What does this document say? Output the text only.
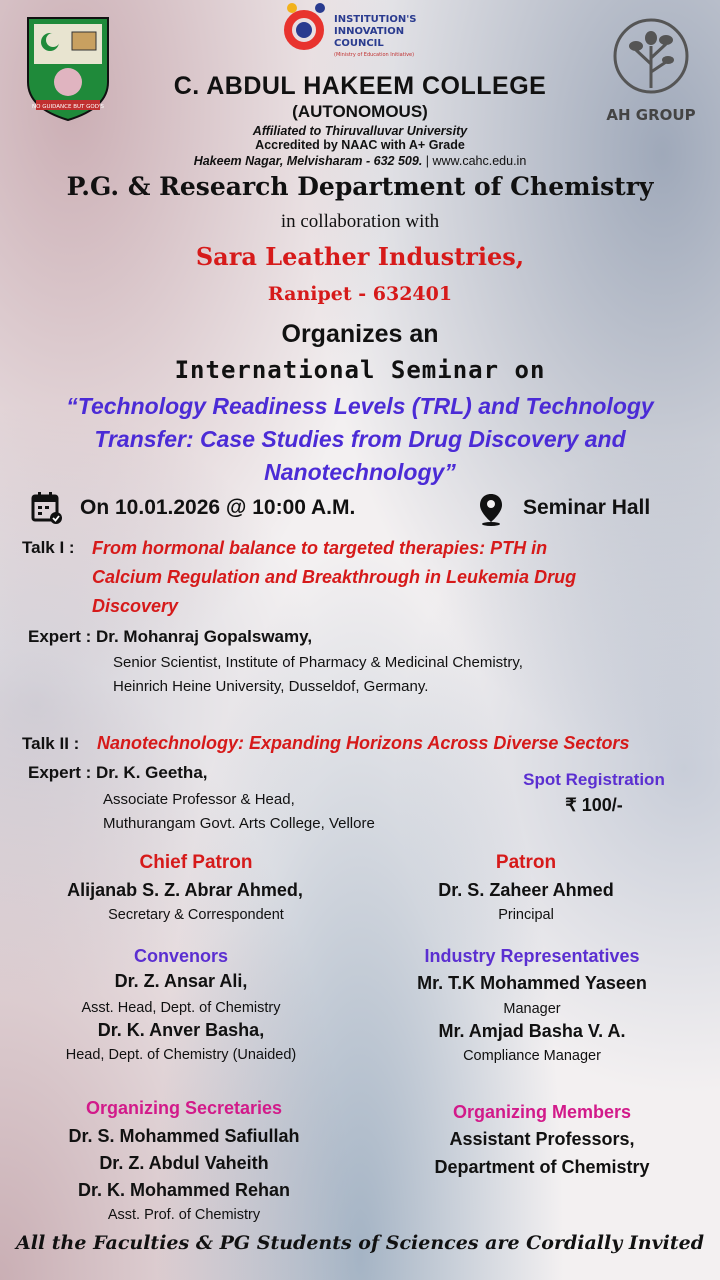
NO GUIDANCE BUT GOD'S
INSTITUTION'S
INNOVATION
COUNCIL
(Ministry of Education Initiative)
AH GROUP
C. ABDUL HAKEEM COLLEGE
(AUTONOMOUS)
Affiliated to Thiruvalluvar University
Accredited by NAAC with A+ Grade
Hakeem Nagar, Melvisharam - 632 509. | www.cahc.edu.in
P.G. & Research Department of Chemistry
in collaboration with
Sara Leather Industries,
Ranipet - 632401
Organizes an
International Seminar on
“Technology Readiness Levels (TRL) and Technology Transfer: Case Studies from Drug Discovery and Nanotechnology”
On 10.01.2026 @ 10:00 A.M.	Seminar Hall
Talk I : From hormonal balance to targeted therapies: PTH in
Calcium Regulation and Breakthrough in Leukemia Drug
Discovery
Expert : Dr. Mohanraj Gopalswamy,
Senior Scientist, Institute of Pharmacy & Medicinal Chemistry,
Heinrich Heine University, Dusseldof, Germany.
Talk II : Nanotechnology: Expanding Horizons Across Diverse Sectors
Expert : Dr. K. Geetha,
Associate Professor & Head,
Muthurangam Govt. Arts College, Vellore
Spot Registration
₹ 100/-
Chief Patron
Alijanab S. Z. Abrar Ahmed,
Secretary & Correspondent
Patron
Dr. S. Zaheer Ahmed
Principal
Convenors
Dr. Z. Ansar Ali,
Asst. Head, Dept. of Chemistry
Dr. K. Anver Basha,
Head, Dept. of Chemistry (Unaided)
Industry Representatives
Mr. T.K Mohammed Yaseen
Manager
Mr. Amjad Basha V. A.
Compliance Manager
Organizing Secretaries
Dr. S. Mohammed Safiullah
Dr. Z. Abdul Vaheith
Dr. K. Mohammed Rehan
Asst. Prof. of Chemistry
Organizing Members
Assistant Professors,
Department of Chemistry
All the Faculties & PG Students of Sciences are Cordially Invited
